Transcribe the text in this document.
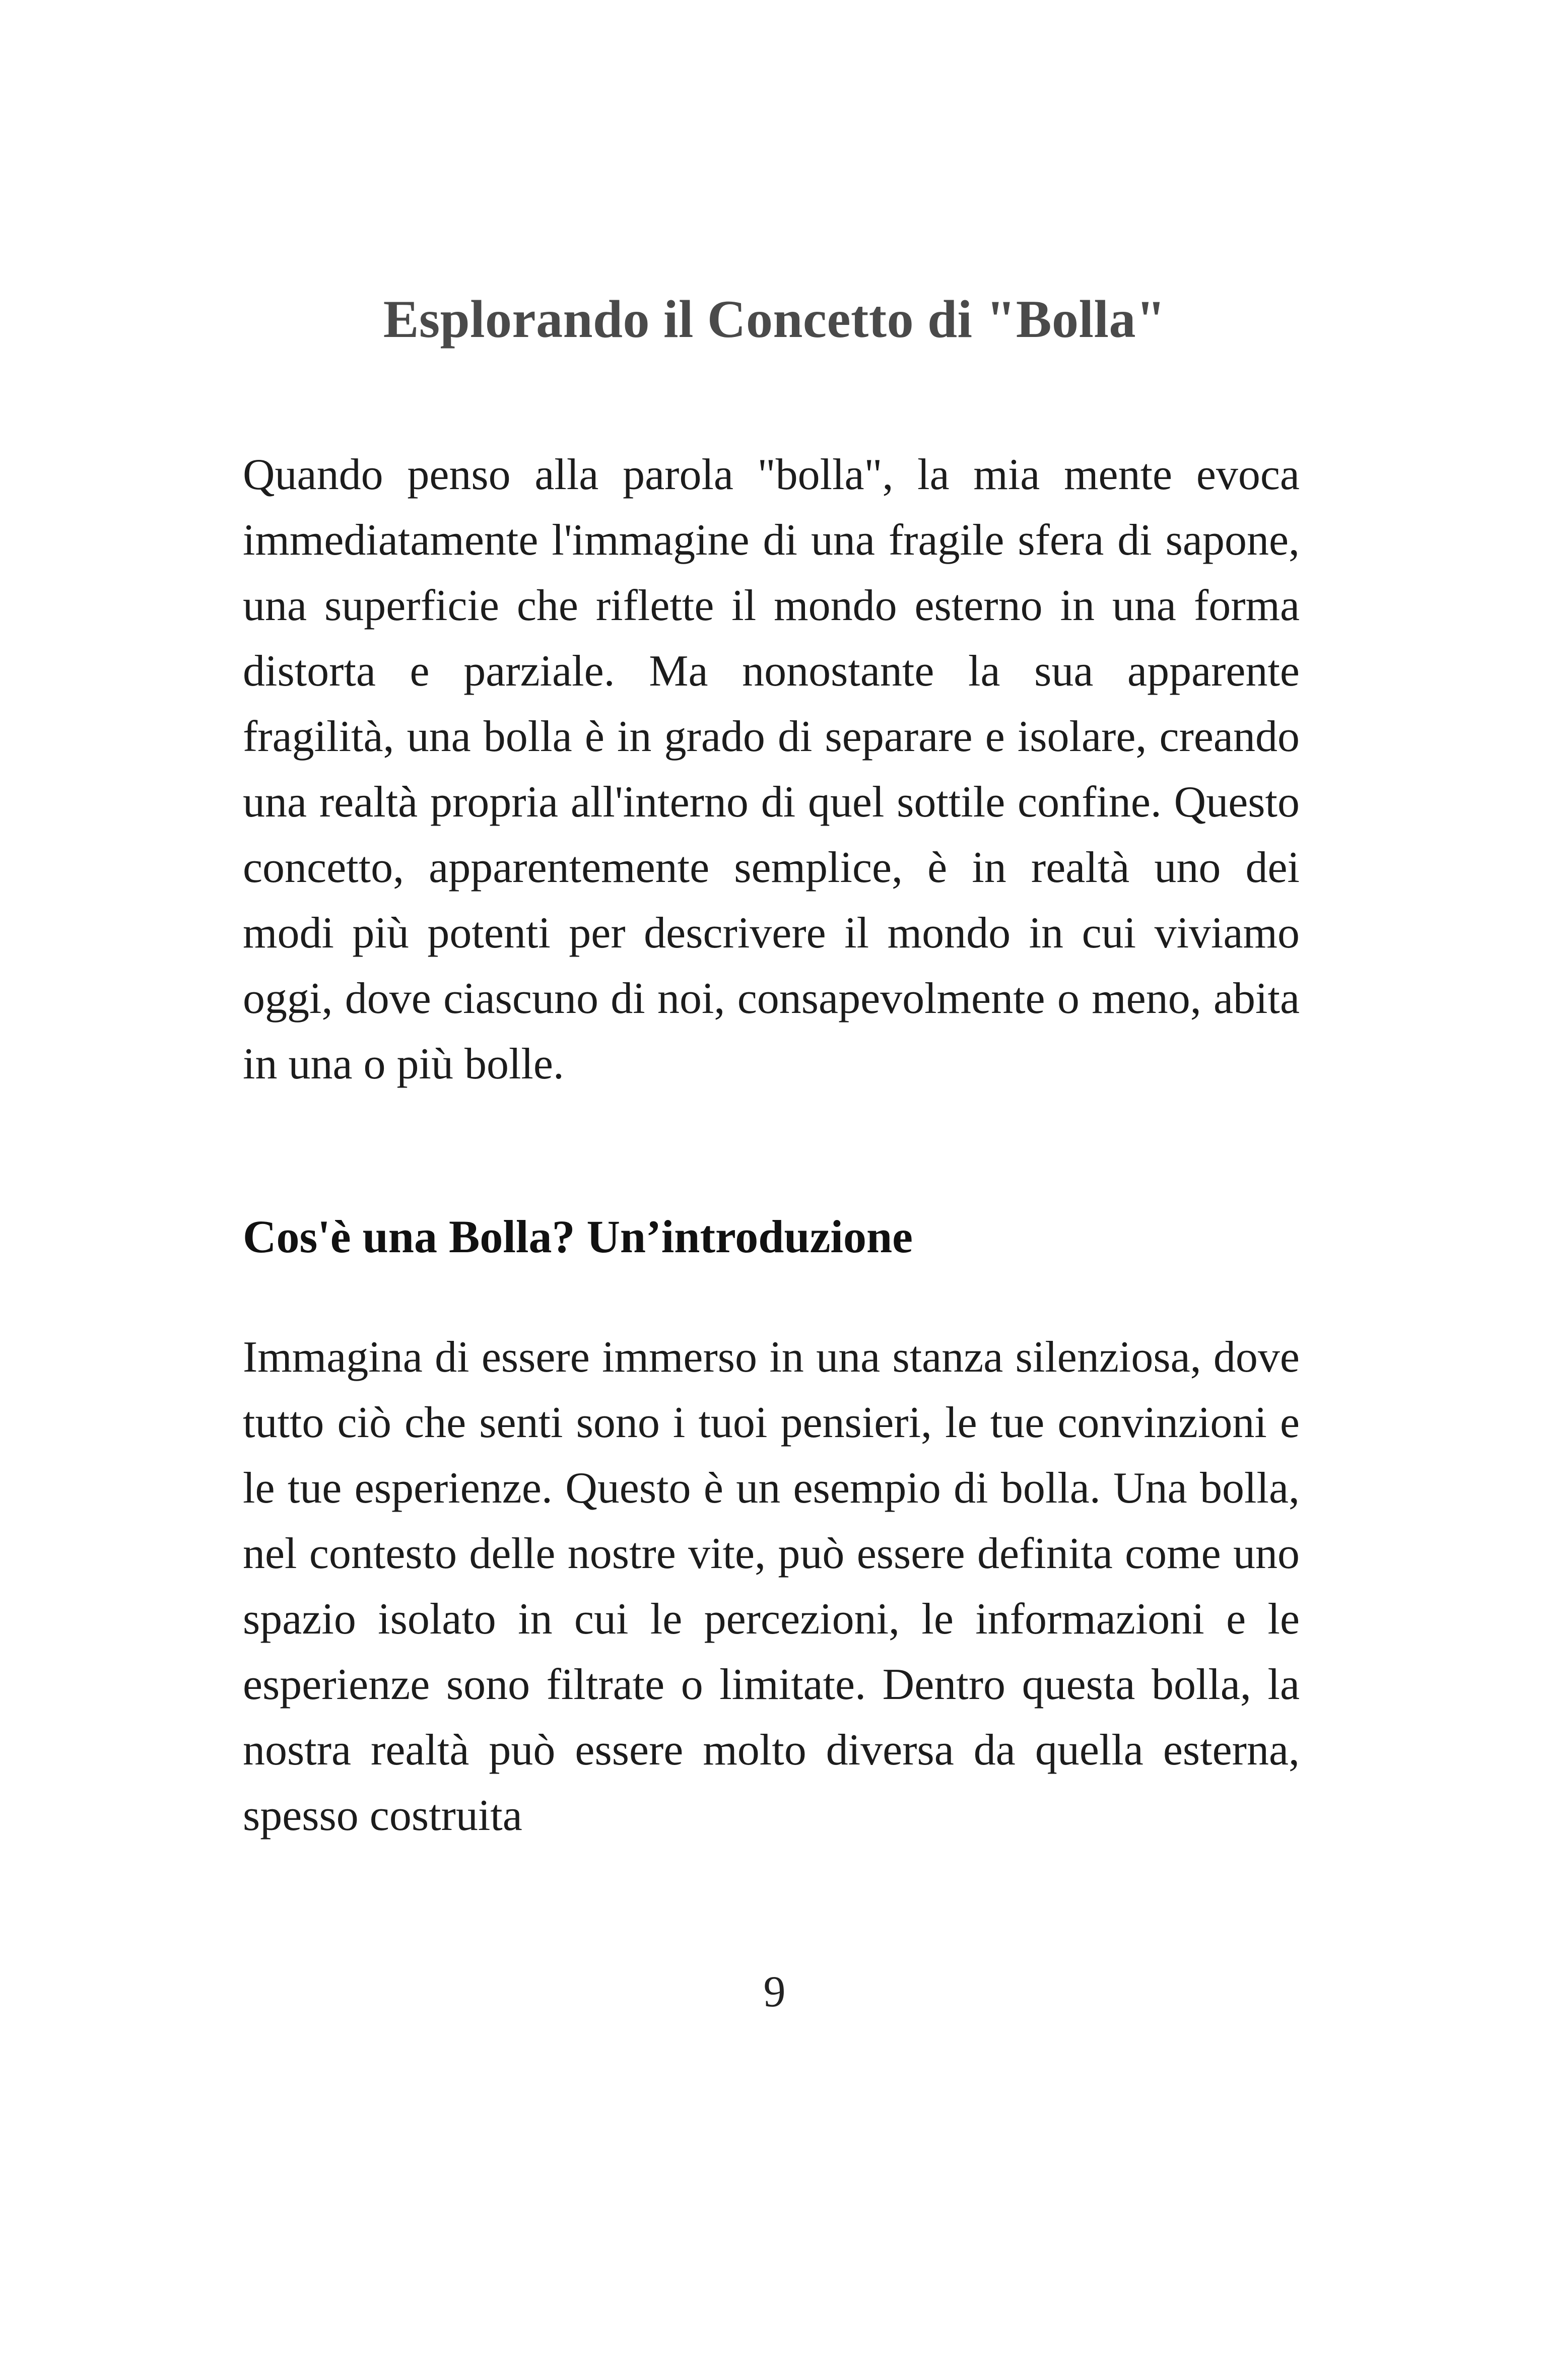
Esplorando il Concetto di "Bolla"

Quando penso alla parola "bolla", la mia mente evoca immediatamente l'immagine di una fragile sfera di sapone, una superficie che riflette il mondo esterno in una forma distorta e parziale. Ma nonostante la sua apparente fragilità, una bolla è in grado di separare e isolare, creando una realtà propria all'interno di quel sottile confine. Questo concetto, apparentemente semplice, è in realtà uno dei modi più potenti per descrivere il mondo in cui viviamo oggi, dove ciascuno di noi, consapevolmente o meno, abita in una o più bolle.

Cos'è una Bolla? Un’introduzione

Immagina di essere immerso in una stanza silenziosa, dove tutto ciò che senti sono i tuoi pensieri, le tue convinzioni e le tue esperienze. Questo è un esempio di bolla. Una bolla, nel contesto delle nostre vite, può essere definita come uno spazio isolato in cui le percezioni, le informazioni e le esperienze sono filtrate o limitate. Dentro questa bolla, la nostra realtà può essere molto diversa da quella esterna, spesso costruita

9
